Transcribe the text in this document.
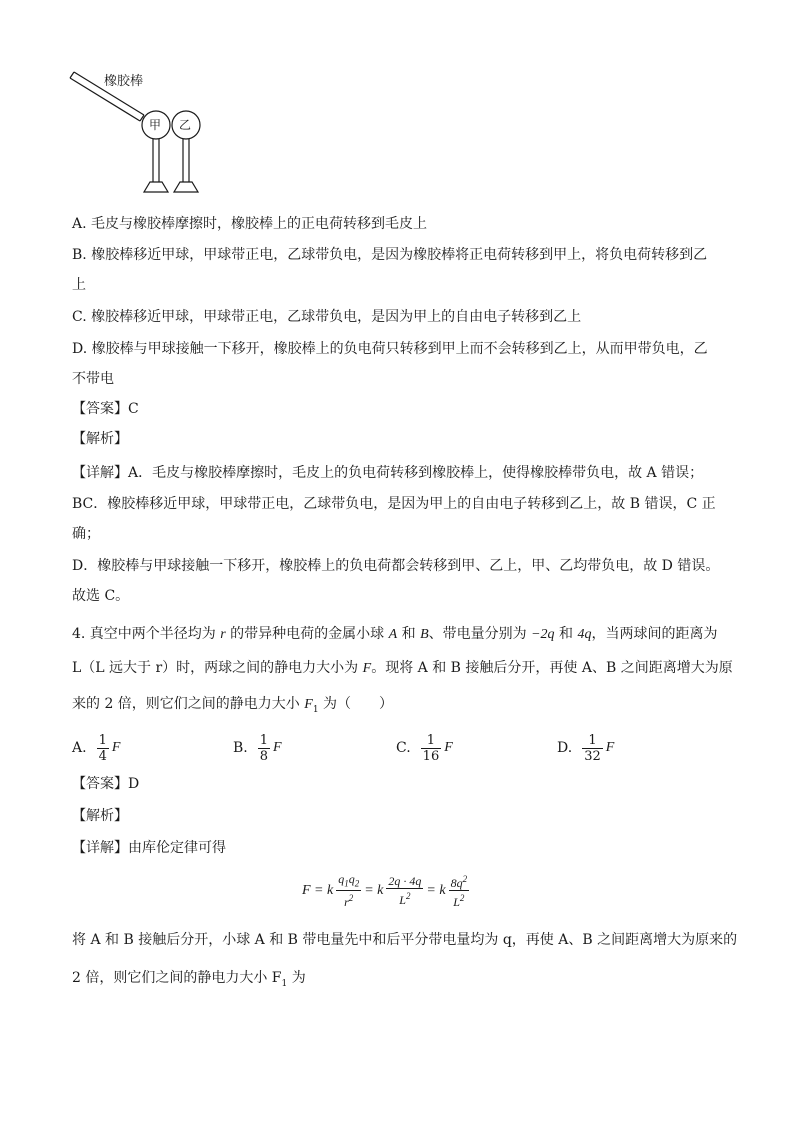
橡胶棒
甲 乙
A. 毛皮与橡胶棒摩擦时，橡胶棒上的正电荷转移到毛皮上
B. 橡胶棒移近甲球，甲球带正电，乙球带负电，是因为橡胶棒将正电荷转移到甲上，将负电荷转移到乙
上
C. 橡胶棒移近甲球，甲球带正电，乙球带负电，是因为甲上的自由电子转移到乙上
D. 橡胶棒与甲球接触一下移开，橡胶棒上的负电荷只转移到甲上而不会转移到乙上，从而甲带负电，乙
不带电
【答案】C
【解析】
【详解】A．毛皮与橡胶棒摩擦时，毛皮上的负电荷转移到橡胶棒上，使得橡胶棒带负电，故 A 错误；
BC．橡胶棒移近甲球，甲球带正电，乙球带负电，是因为甲上的自由电子转移到乙上，故 B 错误，C 正
确；
D．橡胶棒与甲球接触一下移开，橡胶棒上的负电荷都会转移到甲、乙上，甲、乙均带负电，故 D 错误。
故选 C。
4. 真空中两个半径均为 r 的带异种电荷的金属小球 A 和 B、带电量分别为 −2q 和 4q，当两球间的距离为
L（L 远大于 r）时，两球之间的静电力大小为 F。现将 A 和 B 接触后分开，再使 A、B 之间距离增大为原
来的 2 倍，则它们之间的静电力大小 $F_1$ 为（　　）
A. $\frac{1}{4}$ F	B. $\frac{1}{8}$ F	C. $\frac{1}{16}$ F	D. $\frac{1}{32}$ F
【答案】D
【解析】
【详解】由库伦定律可得
F = k $\frac{q_1q_2}{r^2} = k \frac{2q \cdot 4q}{L^2} = k \frac{8q^2}{L^2}$
将 A 和 B 接触后分开，小球 A 和 B 带电量先中和后平分带电量均为 q，再使 A、B 之间距离增大为原来的
2 倍，则它们之间的静电力大小 $F_1$ 为
